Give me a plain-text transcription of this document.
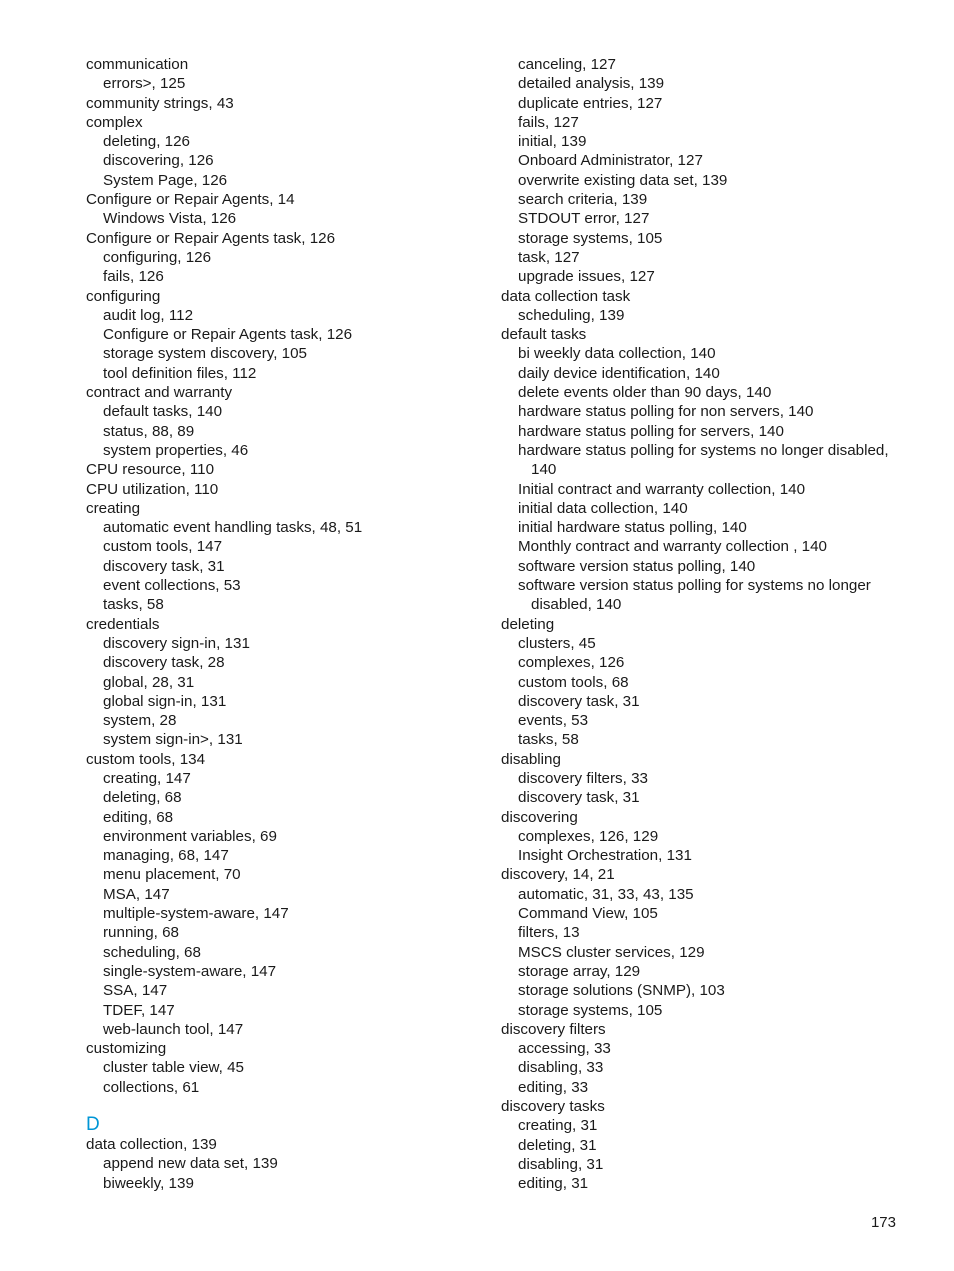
communication
errors>, 125
community strings, 43
complex
deleting, 126
discovering, 126
System Page, 126
Configure or Repair Agents, 14
Windows Vista, 126
Configure or Repair Agents task, 126
configuring, 126
fails, 126
configuring
audit log, 112
Configure or Repair Agents task, 126
storage system discovery, 105
tool definition files, 112
contract and warranty
default tasks, 140
status, 88, 89
system properties, 46
CPU resource, 110
CPU utilization, 110
creating
automatic event handling tasks, 48, 51
custom tools, 147
discovery task, 31
event collections, 53
tasks, 58
credentials
discovery sign-in, 131
discovery task, 28
global, 28, 31
global sign-in, 131
system, 28
system sign-in>, 131
custom tools, 134
creating, 147
deleting, 68
editing, 68
environment variables, 69
managing, 68, 147
menu placement, 70
MSA, 147
multiple-system-aware, 147
running, 68
scheduling, 68
single-system-aware, 147
SSA, 147
TDEF, 147
web-launch tool, 147
customizing
cluster table view, 45
collections, 61
D
data collection, 139
append new data set, 139
biweekly, 139
canceling, 127
detailed analysis, 139
duplicate entries, 127
fails, 127
initial, 139
Onboard Administrator, 127
overwrite existing data set, 139
search criteria, 139
STDOUT error, 127
storage systems, 105
task, 127
upgrade issues, 127
data collection task
scheduling, 139
default tasks
bi weekly data collection, 140
daily device identification, 140
delete events older than 90 days, 140
hardware status polling for non servers, 140
hardware status polling for servers, 140
hardware status polling for systems no longer disabled, 140
Initial contract and warranty collection, 140
initial data collection, 140
initial hardware status polling, 140
Monthly contract and warranty collection , 140
software version status polling, 140
software version status polling for systems no longer disabled, 140
deleting
clusters, 45
complexes, 126
custom tools, 68
discovery task, 31
events, 53
tasks, 58
disabling
discovery filters, 33
discovery task, 31
discovering
complexes, 126, 129
Insight Orchestration, 131
discovery, 14, 21
automatic, 31, 33, 43, 135
Command View, 105
filters, 13
MSCS cluster services, 129
storage array, 129
storage solutions (SNMP), 103
storage systems, 105
discovery filters
accessing, 33
disabling, 33
editing, 33
discovery tasks
creating, 31
deleting, 31
disabling, 31
editing, 31
173
